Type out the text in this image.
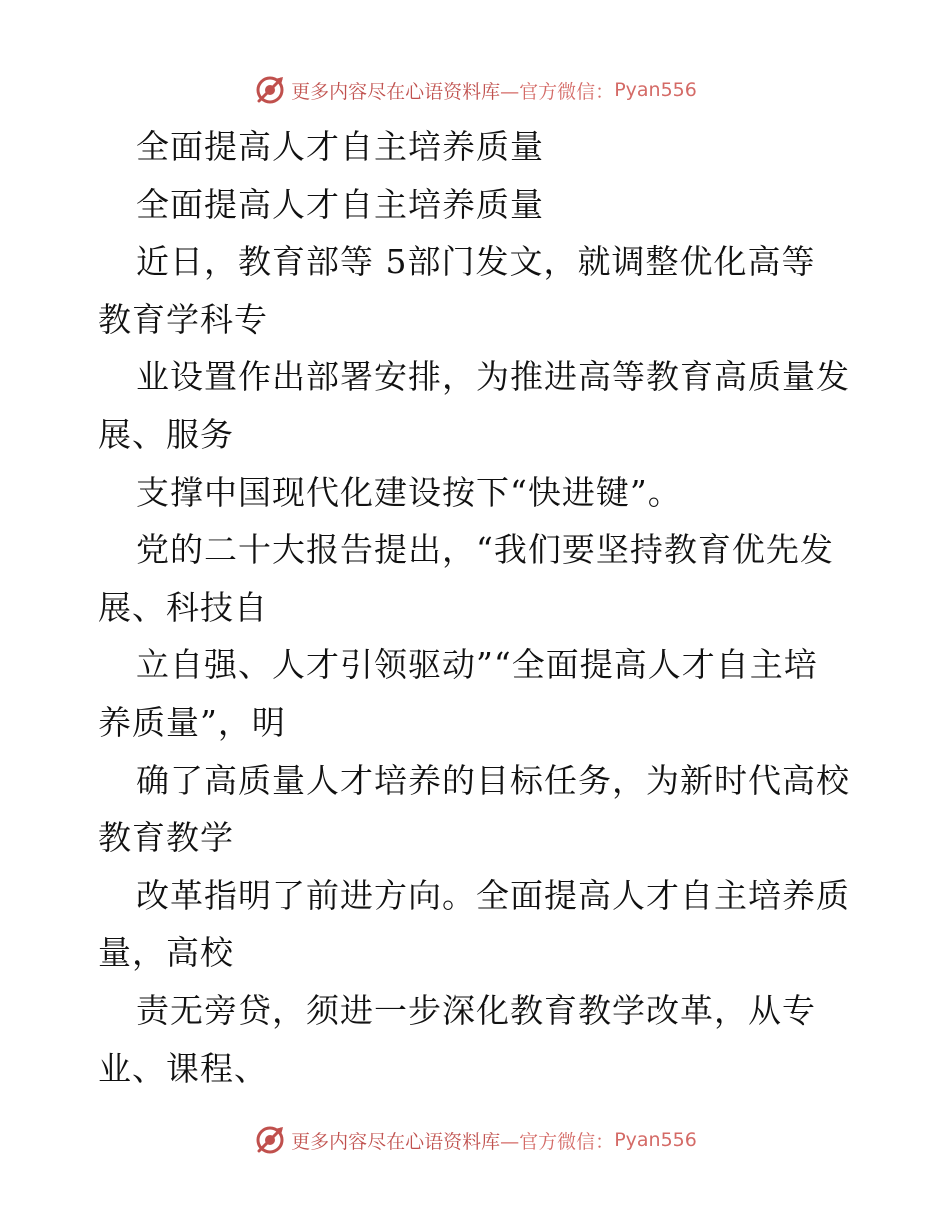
更多内容尽在心语资料库 —官方微信： Pyan556
全面提高人才自主培养质量
全面提高人才自主培养质量
近日，教育部等 5部门发文，就调整优化高等
教育学科专
业设置作出部署安排，为推进高等教育高质量发
展、服务
支撑中国现代化建设按下“快进键”。
党的二十大报告提出，“我们要坚持教育优先发
展、科技自
立自强、人才引领驱动”“全面提高人才自主培
养质量”，明
确了高质量人才培养的目标任务，为新时代高校
教育教学
改革指明了前进方向。全面提高人才自主培养质
量，高校
责无旁贷，须进一步深化教育教学改革，从专
业、课程、
更多内容尽在心语资料库 —官方微信： Pyan556
